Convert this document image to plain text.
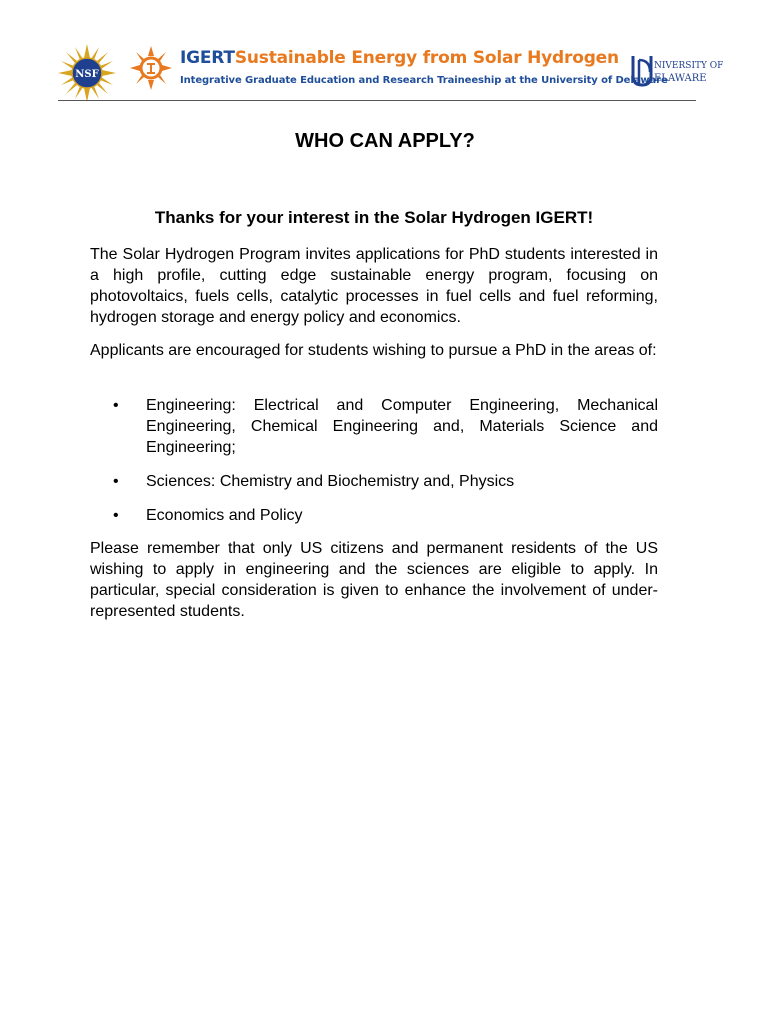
NSF
IGERTSustainable Energy from Solar Hydrogen
Integrative Graduate Education and Research Traineeship at the University of Delaware
NIVERSITY OF
ELAWARE
WHO CAN APPLY?
Thanks for your interest in the Solar Hydrogen IGERT!

The Solar Hydrogen Program invites applications for PhD students interested in a high profile, cutting edge sustainable energy program, focusing on photovoltaics, fuels cells, catalytic processes in fuel cells and fuel reforming, hydrogen storage and energy policy and economics.

Applicants are encouraged for students wishing to pursue a PhD in the areas of:

• Engineering: Electrical and Computer Engineering, Mechanical Engineering, Chemical Engineering and, Materials Science and Engineering;
• Sciences: Chemistry and Biochemistry and, Physics
• Economics and Policy

Please remember that only US citizens and permanent residents of the US wishing to apply in engineering and the sciences are eligible to apply. In particular, special consideration is given to enhance the involvement of under-represented students.
